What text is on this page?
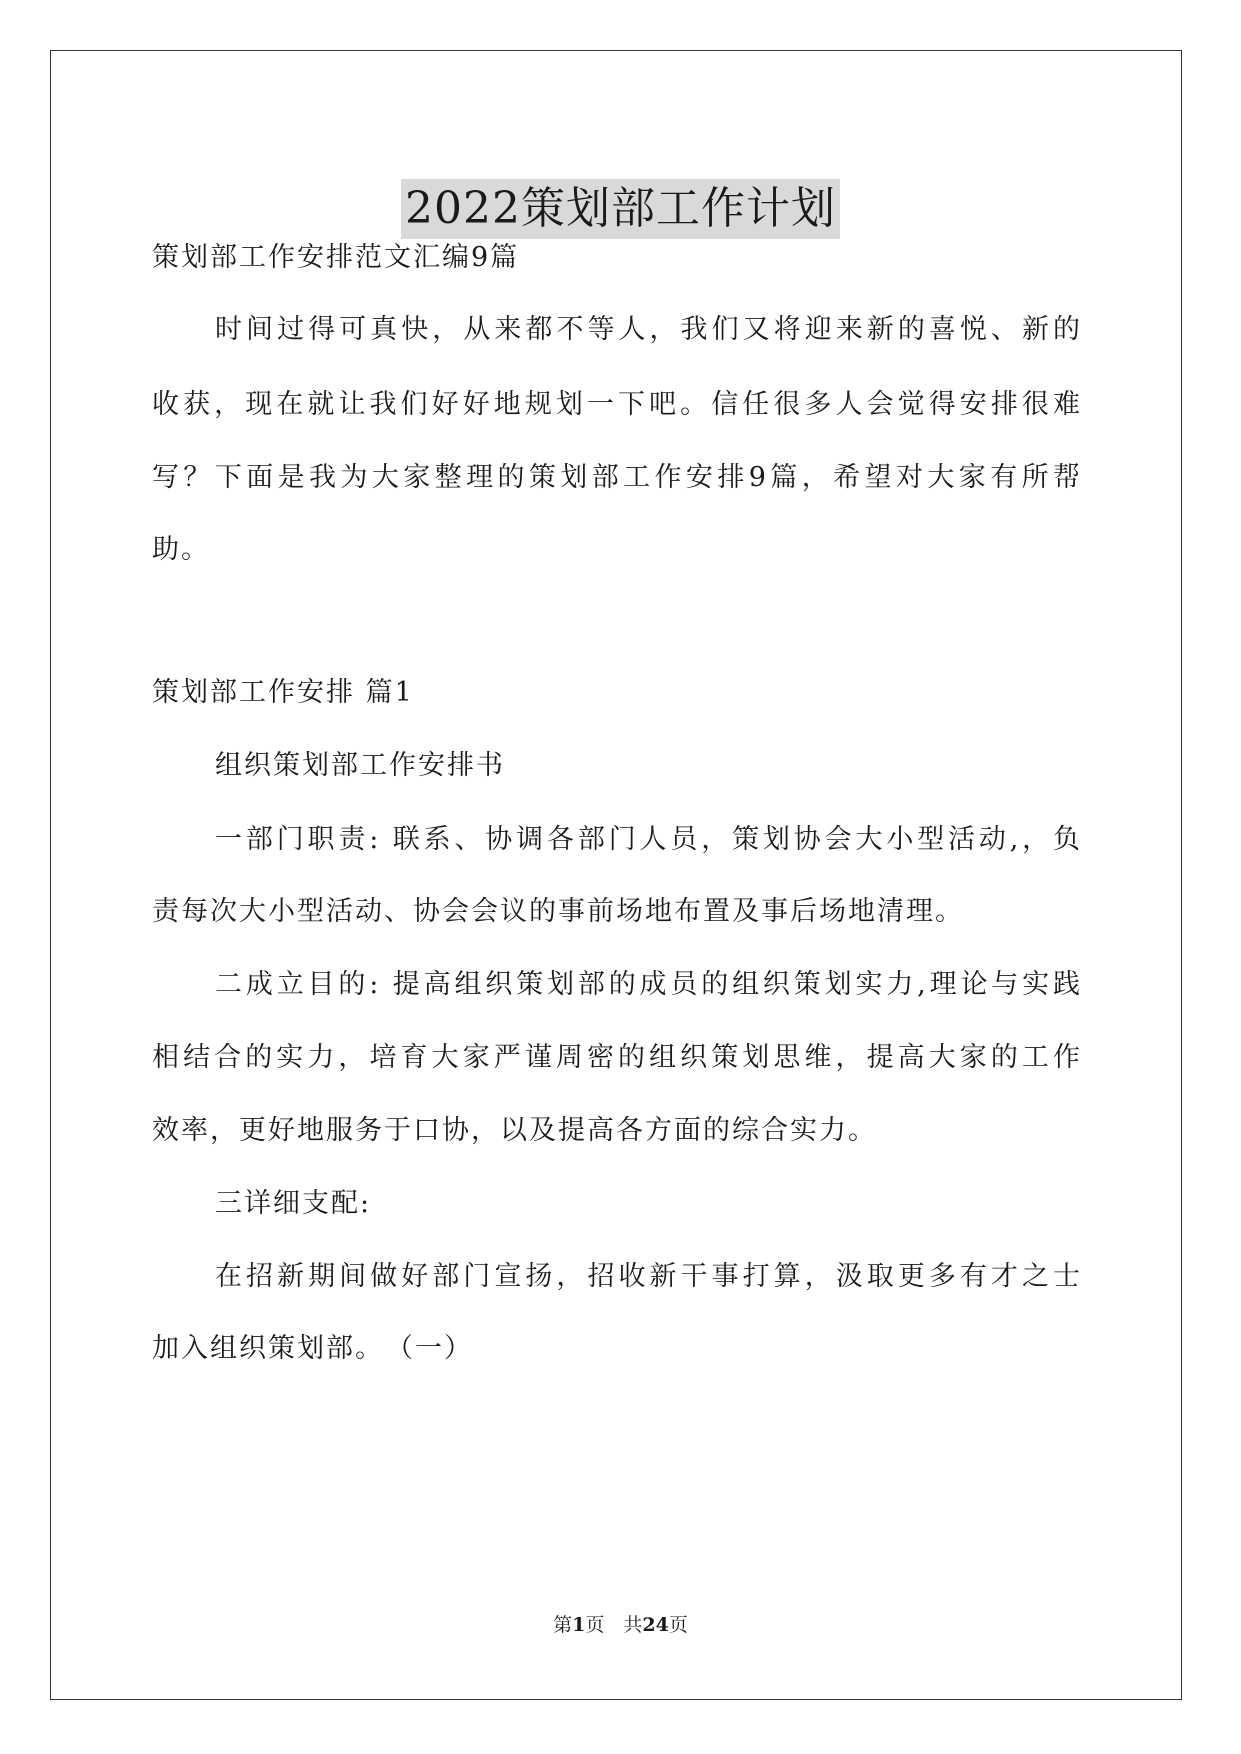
2022策划部工作计划
策划部工作安排范文汇编9篇
时间过得可真快，从来都不等人，我们又将迎来新的喜悦、新的
收获，现在就让我们好好地规划一下吧。信任很多人会觉得安排很难
写？下面是我为大家整理的策划部工作安排9篇，希望对大家有所帮
助。
策划部工作安排 篇1
组织策划部工作安排书
一部门职责: 联系、协调各部门人员，策划协会大小型活动,，负
责每次大小型活动、协会会议的事前场地布置及事后场地清理。
二成立目的: 提高组织策划部的成员的组织策划实力,理论与实践
相结合的实力，培育大家严谨周密的组织策划思维，提高大家的工作
效率，更好地服务于口协，以及提高各方面的综合实力。
三详细支配:
在招新期间做好部门宣扬，招收新干事打算，汲取更多有才之士
加入组织策划部。　（一）
第1页　共24页
